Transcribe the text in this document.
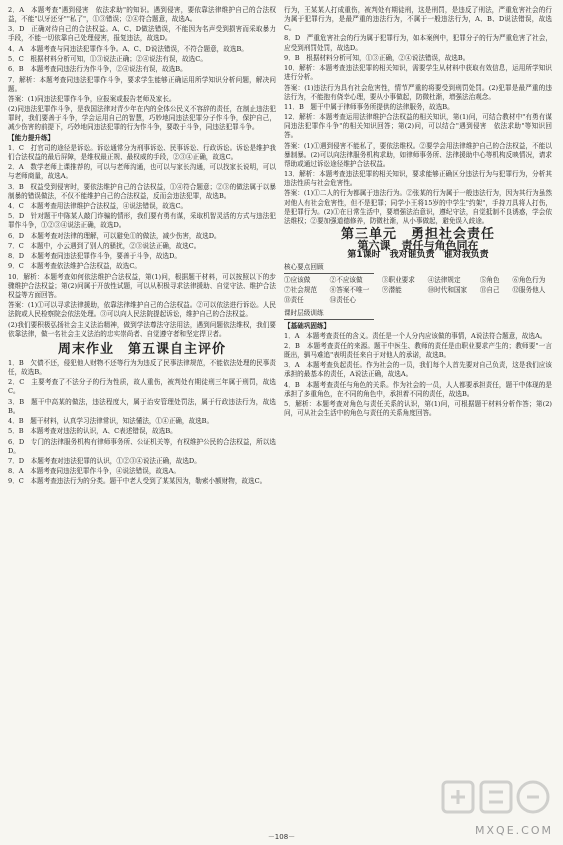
2．A　本题考查"遇到侵害　依法求助"的知识。遇到侵害，要依靠法律维护自己的合法权益，不能"以牙还牙""私了"，①③错误；②④符合题意，故选A。

3．D　正确对待自己的合法权益。A、C、D做法错误，不能因为名声受到损害而采取暴力手段，不能一切依靠自己处理侵害，报复违法，故选D。

4．A　本题考查与同违法犯罪作斗争。A、C、D说法错误，不符合题意，故选B。

5．C　根据材料分析可知，①③说法正确；②④说法有误，故选C。

6．B　本题考查同违法行为作斗争，②④说法有误，故选B。

7．解析：本题考查同违法犯罪作斗争，要求学生能够正确运用所学知识分析问题，解决问题。

答案：(1)同违法犯罪作斗争，应报案或报告老师及家长。

(2)同违法犯罪作斗争，是我国法律对青少年在内的全体公民义不容辞的责任，在制止违法犯罪时，我们要善于斗争，学会运用自己的智慧，巧妙地同违法犯罪分子作斗争，保护自己，减少伤害的前提下，巧妙地同违法犯罪的行为作斗争，要敢于斗争，同违法犯罪斗争。

【能力提升练】

1．C　打官司的途径是诉讼。诉讼通常分为刑事诉讼、民事诉讼、行政诉讼。诉讼是维护我们合法权益的最后屏障，是维权最正规、最权威的手段，②③④正确，故选C。

2．A　数学老师上课推荐的，可以与老师沟通，也可以与家长沟通，可以找家长说明，可以与老师商量，故选A。

3．B　权益受到侵害时，要依法维护自己的合法权益，①④符合题意；②③的做法属于以暴制暴的错误做法，不仅不能维护自己的合法权益，反而会违法犯罪，故选B。

4．C　本题考查用法律维护合法权益，④说法错误，故选C。

5．D　针对题干中陈某人敲门诈骗的情形，我们要有勇有谋，采取机智灵活的方式与违法犯罪作斗争，①②③④说法正确，故选D。

6．D　本题考查对法律的理解，可以避免①的做法，减少伤害，故选D。

7．C　本题中，小云遇到了别人的骚扰，②③说法正确，故选C。

8．D　本题考查同违法犯罪作斗争，要善于斗争，故选D。

9．C　本题考查依法维护合法权益，故选C。

10．解析：本题考查如何依法维护合法权益，第(1)问，根据题干材料，可以按照以下的步骤维护合法权益；第(2)问属于开放性试题，可以从积极寻求法律援助、自觉守法、维护合法权益等方面回答。

答案：(1)①可以寻求法律援助，依靠法律维护自己的合法权益。②可以依法进行诉讼。人民法院或人民检察院会依法处理。③可以向人民法院提起诉讼，维护自己的合法权益。

(2)我们要积极弘扬社会主义法治精神，做到学法尊法守法用法，遇到问题依法维权，我们要依靠法律，做一名社会主义法治的忠实崇尚者、自觉遵守者和坚定捍卫者。

周末作业　第五课自主评价

1．B　欠债不还，侵犯他人财物不还等行为为违反了民事法律规范，不能依法处理的民事责任，故选B。

2．C　主要考查了不法分子的行为性质，故人重伤，被判处有期徒刑三年属于刑罚，故选C。

3．B　题干中高某的做法，违法程度大，属于治安管理处罚法，属于行政违法行为，故选B。

4．B　题干材料，认真学习法律常识，知法懂法，①④正确，故选B。

5．B　本题考查对违法的认识，A、C表述错误，故选B。

6．D　专门的法律服务机构有律师事务所、公证机关等，有权维护公民的合法权益，所以选D。

7．D　本题考查对违法犯罪的认识，①②③④说法正确，故选D。

8．A　本题考查同违法犯罪作斗争，④说法错误，故选A。

9．C　本题考查违法行为的分类。题干中老人受到了某某因为，勒索小额财物，故选C。

行为，王某某人打成重伤，被判处有期徒刑，这是刑罚，是违反了刑法，严重危害社会的行为属于犯罪行为，是最严重的违法行为，不属于一般违法行为，A、B、D说法错误，故选C。

8．D　严重危害社会的行为属于犯罪行为，如本案例中，犯罪分子的行为严重危害了社会，应受到刑罚处罚，故选D。

9．B　根据材料分析可知，①③正确，②④说法错误，故选B。

10．解析：本题考查违法犯罪的相关知识，需要学生从材料中获取有效信息，运用所学知识进行分析。

答案：(1)违法行为具有社会危害性，情节严重的将要受到刑罚处罚。(2)犯罪是最严重的违法行为，不能抱有侥幸心理，要从小事做起，防微杜渐，增强法治观念。

11．B　题干中属于律师事务所提供的法律服务，故选B。

12．解析：本题考查运用法律维护合法权益的相关知识，第(1)问，可结合教材中"有勇有谋　同违法犯罪作斗争"的相关知识回答；第(2)问，可以结合"遇到侵害　依法求助"等知识回答。

答案：(1)①遇到侵害不能私了，要依法维权。②要学会用法律维护自己的合法权益，不能以暴制暴。(2)可以向法律服务机构求助，如律师事务所、法律援助中心等机构反映情况，请求帮助或通过诉讼途径维护合法权益。

13．解析：本题考查违法犯罪的相关知识，要求能够正确区分违法行为与犯罪行为，分析其违法性质与社会危害性。

答案：(1)①二人的行为都属于违法行为。②张某的行为属于一般违法行为，因为其行为虽然对他人有社会危害性，但不是犯罪；同学小王将15岁的中学生"约架"，手持刀具将人打伤，是犯罪行为。(2)①在日常生活中，要增强法治意识，遵纪守法，自觉抵制不良诱惑，学会依法维权；②要加强道德修养，防微杜渐，从小事做起，避免误入歧途。

第三单元　勇担社会责任
第六课　责任与角色同在
第1课时　我对谁负责　谁对我负责
核心要点回顾
①应该做	②不应该做	③职业要求	④法律规定	⑤角色	⑥角色行为
⑦社会规范	⑧答案不唯一	⑨潜能	⑩时代和国家	⑪自己	⑫服务他人
⑬责任	⑭责任心
课时层级训练
【基础巩固练】

1．A　本题考查责任的含义。责任是一个人分内应该做的事情，A说法符合题意，故选A。

2．B　本题考查责任的来源。题干中医生、教师的责任是由职业要求产生的；教师要"一言既出，驷马难追"表明责任来自于对他人的承诺，故选B。

3．A　本题考查负起责任。作为社会的一员，我们每个人首先要对自己负责，这是我们应该承担的最基本的责任，A说法正确，故选A。

4．B　本题考查责任与角色的关系。作为社会的一员，人人都要承担责任，题干中体现的是承担了多重角色，在不同的角色中，承担着不同的责任，故选B。

5．解析：本题考查对角色与责任关系的认识，第(1)问，可根据题干材料分析作答；第(2)问，可从社会生活中的角色与责任的关系角度回答。

MXQE.COM
－108－
